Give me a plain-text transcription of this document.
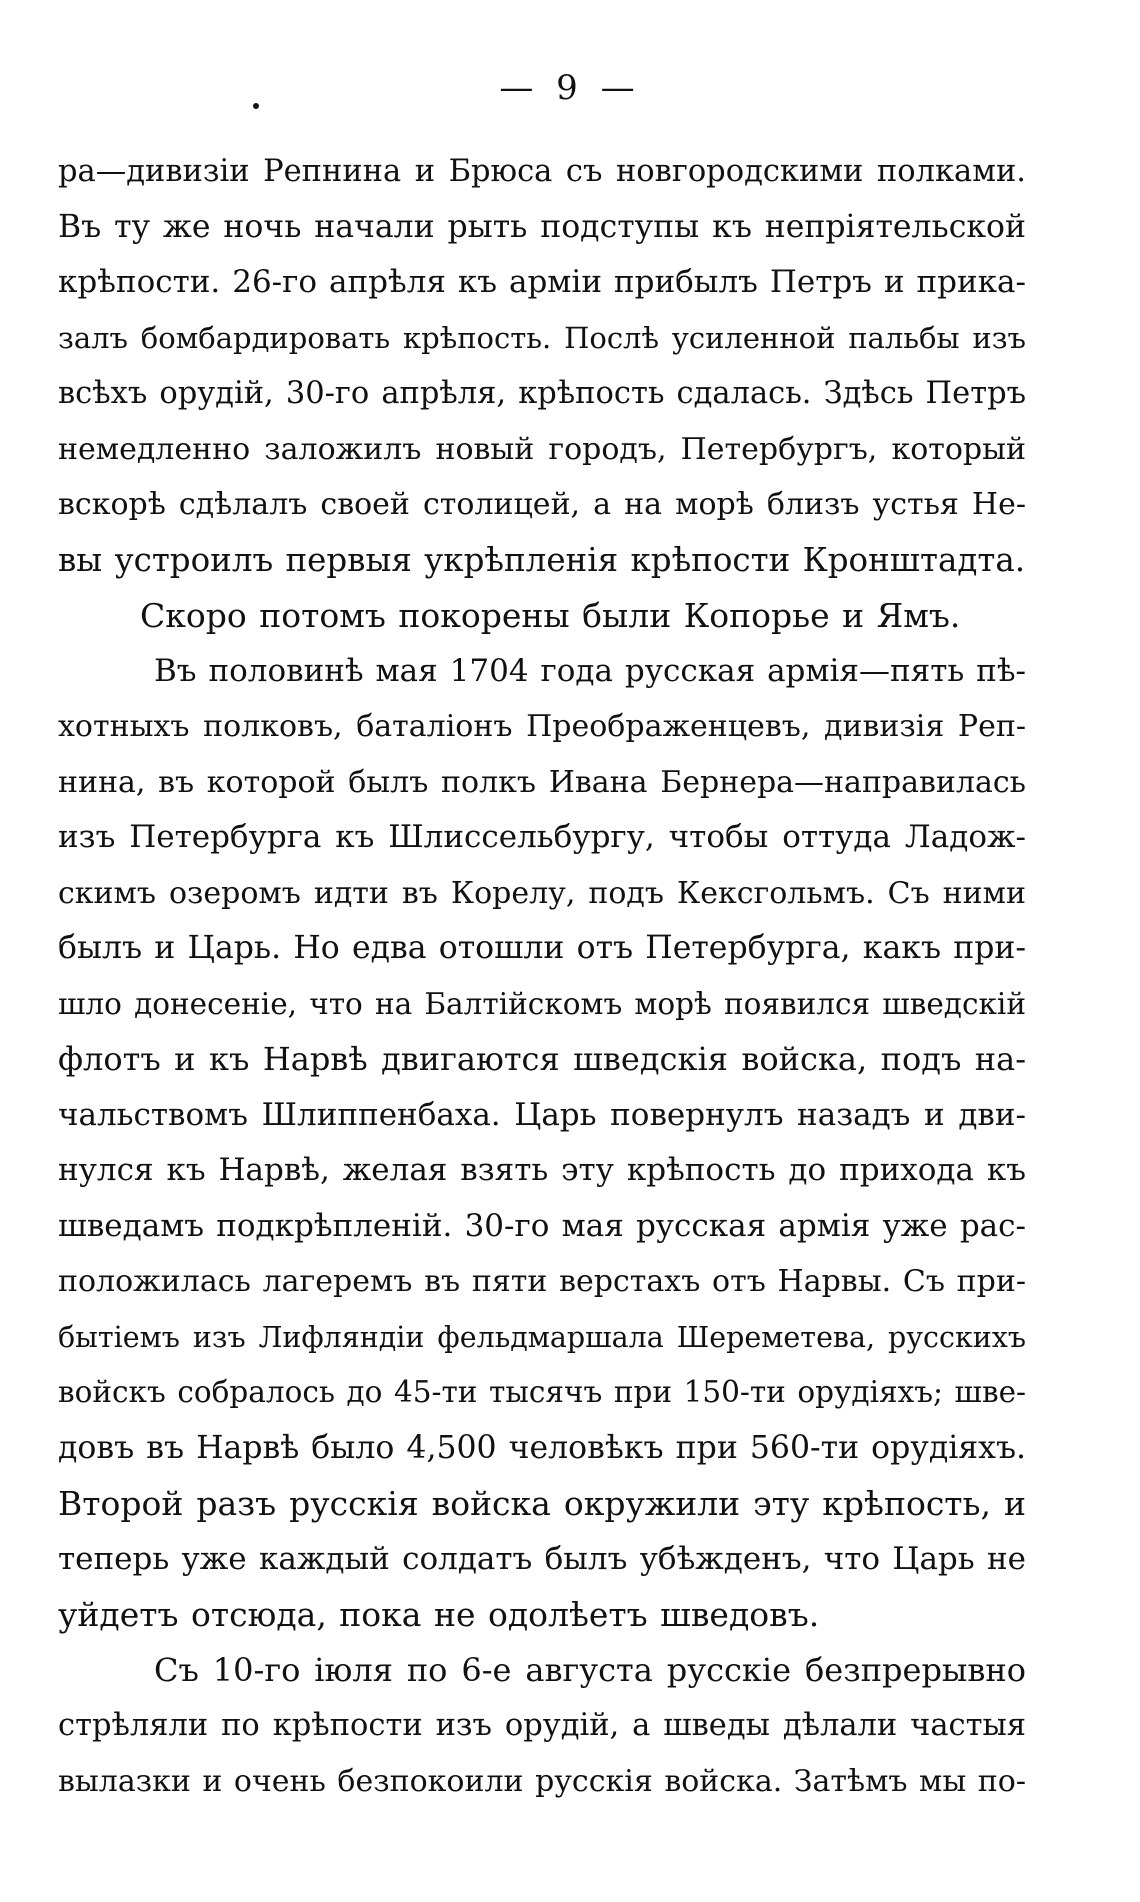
— 9 —
ра—дивизіи Репнина и Брюса съ новгородскими полками.
Въ ту же ночь начали рыть подступы къ непріятельской
крѣпости. 26-го апрѣля къ арміи прибылъ Петръ и прика-
залъ бомбардировать крѣпость. Послѣ усиленной пальбы изъ
всѣхъ орудій, 30-го апрѣля, крѣпость сдалась. Здѣсь Петръ
немедленно заложилъ новый городъ, Петербургъ, который
вскорѣ сдѣлалъ своей столицей, а на морѣ близъ устья Не-
вы устроилъ первыя укрѣпленія крѣпости Кронштадта.
Скоро потомъ покорены были Копорье и Ямъ.
Въ половинѣ мая 1704 года русская армія—пять пѣ-
хотныхъ полковъ, баталіонъ Преображенцевъ, дивизія Реп-
нина, въ которой былъ полкъ Ивана Бернера—направилась
изъ Петербурга къ Шлиссельбургу, чтобы оттуда Ладож-
скимъ озеромъ идти въ Корелу, подъ Кексгольмъ. Съ ними
былъ и Царь. Но едва отошли отъ Петербурга, какъ при-
шло донесеніе, что на Балтійскомъ морѣ появился шведскій
флотъ и къ Нарвѣ двигаются шведскія войска, подъ на-
чальствомъ Шлиппенбаха. Царь повернулъ назадъ и дви-
нулся къ Нарвѣ, желая взять эту крѣпость до прихода къ
шведамъ подкрѣпленій. 30-го мая русская армія уже рас-
положилась лагеремъ въ пяти верстахъ отъ Нарвы. Съ при-
бытіемъ изъ Лифляндіи фельдмаршала Шереметева, русскихъ
войскъ собралось до 45-ти тысячъ при 150-ти орудіяхъ; шве-
довъ въ Нарвѣ было 4,500 человѣкъ при 560-ти орудіяхъ.
Второй разъ русскія войска окружили эту крѣпость, и
теперь уже каждый солдатъ былъ убѣжденъ, что Царь не
уйдетъ отсюда, пока не одолѣетъ шведовъ.
Съ 10-го іюля по 6-е августа русскіе безпрерывно
стрѣляли по крѣпости изъ орудій, а шведы дѣлали частыя
вылазки и очень безпокоили русскія войска. Затѣмъ мы по-
